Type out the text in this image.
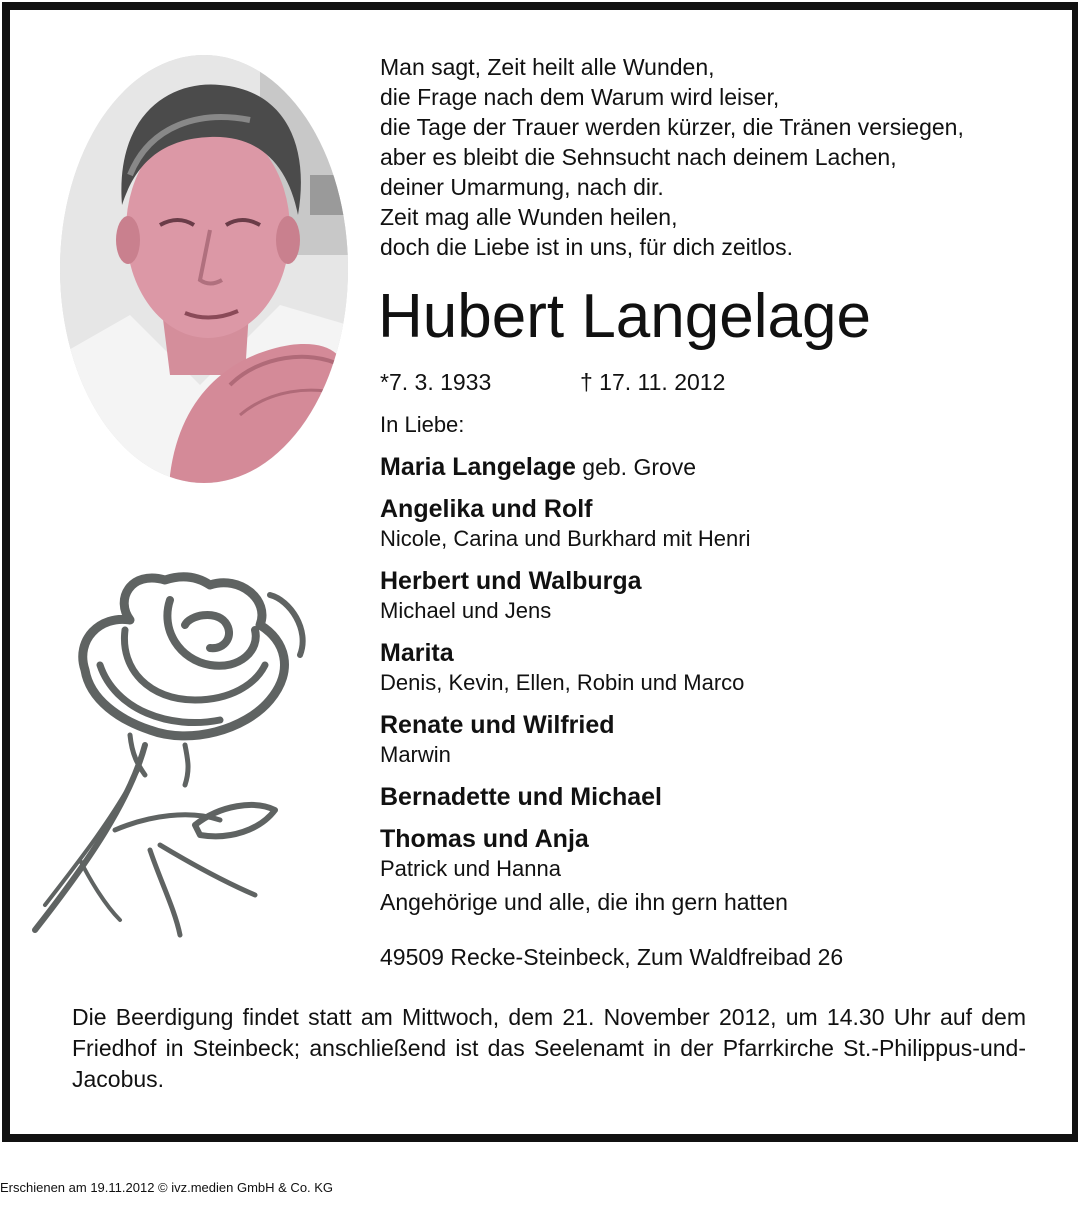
Man sagt, Zeit heilt alle Wunden,
die Frage nach dem Warum wird leiser,
die Tage der Trauer werden kürzer, die Tränen versiegen,
aber es bleibt die Sehnsucht nach deinem Lachen,
deiner Umarmung, nach dir.
Zeit mag alle Wunden heilen,
doch die Liebe ist in uns, für dich zeitlos.
Hubert Langelage
*7. 3. 1933	† 17. 11. 2012
In Liebe:
Maria Langelage geb. Grove
Angelika und Rolf
Nicole, Carina und Burkhard mit Henri
Herbert und Walburga
Michael und Jens
Marita
Denis, Kevin, Ellen, Robin und Marco
Renate und Wilfried
Marwin
Bernadette und Michael
Thomas und Anja
Patrick und Hanna
Angehörige und alle, die ihn gern hatten
49509 Recke-Steinbeck, Zum Waldfreibad 26

Die Beerdigung findet statt am Mittwoch, dem 21. November 2012, um 14.30 Uhr auf dem Friedhof in Steinbeck; anschließend ist das Seelenamt in der Pfarrkirche St.-Philippus-und-Jacobus.

Erschienen am 19.11.2012 © ivz.medien GmbH & Co. KG
